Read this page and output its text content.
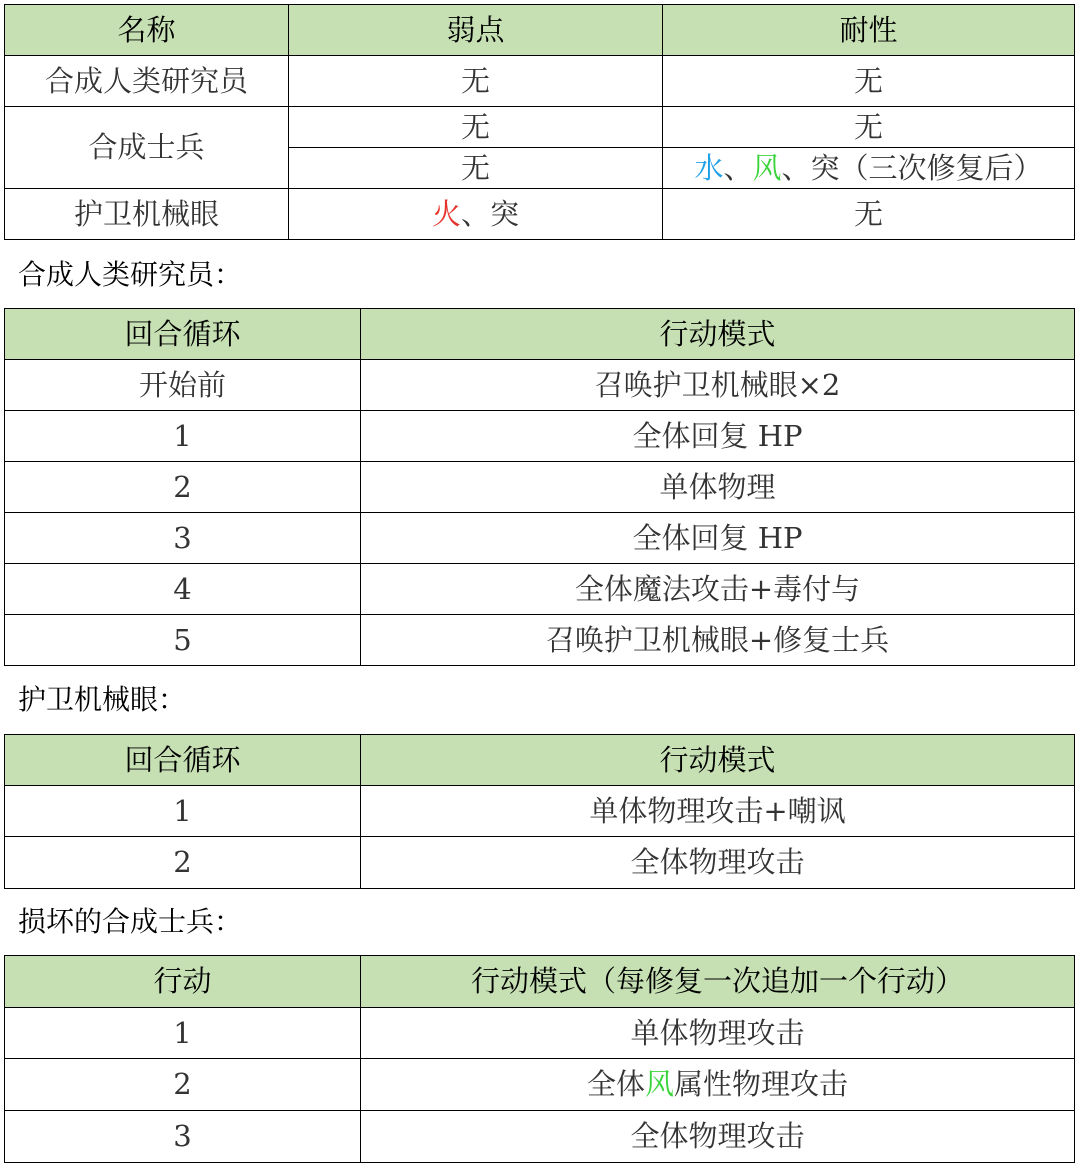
名称	弱点	耐性
合成人类研究员	无	无
合成士兵	无	无
	无	水、风、突（三次修复后）
护卫机械眼	火、突	无
合成人类研究员：
回合循环	行动模式
开始前	召唤护卫机械眼×2
1	全体回复 HP
2	单体物理
3	全体回复 HP
4	全体魔法攻击+毒付与
5	召唤护卫机械眼+修复士兵
护卫机械眼：
回合循环	行动模式
1	单体物理攻击+嘲讽
2	全体物理攻击
损坏的合成士兵：
行动	行动模式（每修复一次追加一个行动）
1	单体物理攻击
2	全体风属性物理攻击
3	全体物理攻击
